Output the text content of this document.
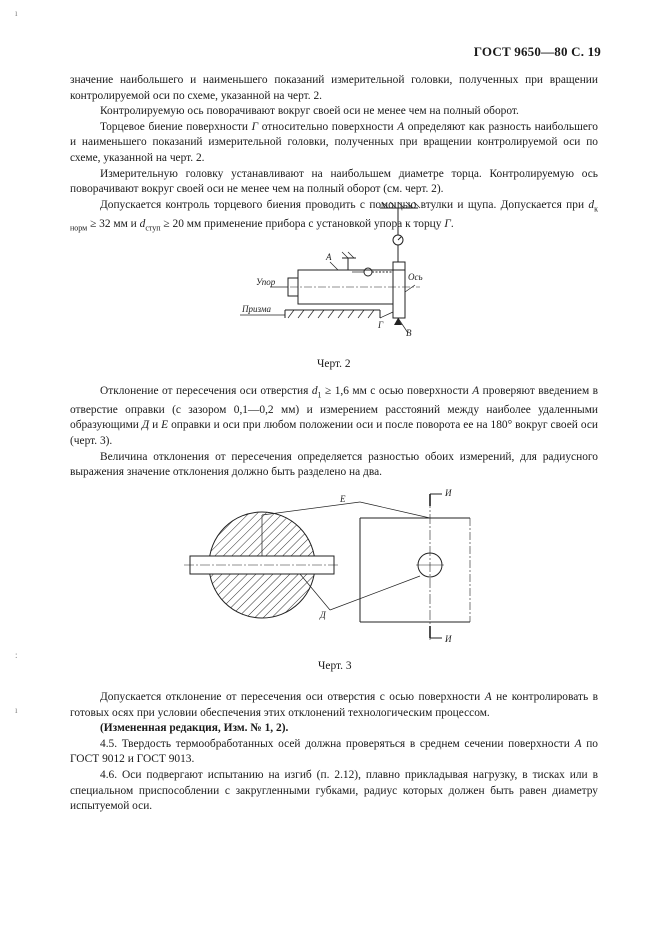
ı
:
ı
ГОСТ 9650—80 С. 19

значение наибольшего и наименьшего показаний измерительной головки, полученных при вращении контролируемой оси по схеме, указанной на черт. 2.

Контролируемую ось поворачивают вокруг своей оси не менее чем на полный оборот.

Торцевое биение поверхности Г относительно поверхности А определяют как разность наибольшего и наименьшего показаний измерительной головки, полученных при вращении контролируемой оси по схеме, указанной на черт. 2.

Измерительную головку устанавливают на наибольшем диаметре торца. Контролируемую ось поворачивают вокруг своей оси не менее чем на полный оборот (см. черт. 2).

Допускается контроль торцевого биения проводить с помощью втулки и щупа. Допускается при $d_{к норм} \ge 32$ мм и $d_{ступ} \ge 20$ мм применение прибора с установкой упора к торцу Г.

А
Упор
Призма
Ось
Г
В
Черт. 2

Отклонение от пересечения оси отверстия $d_1 \ge 1,6$ мм с осью поверхности А проверяют введением в отверстие оправки (с зазором 0,1—0,2 мм) и измерением расстояний между наиболее удаленными образующими Д и Е оправки и оси при любом положении оси и после поворота ее на 180° вокруг своей оси (черт. 3).

Величина отклонения от пересечения определяется разностью обоих измерений, для радиусного выражения значение отклонения должно быть разделено на два.

Е
Д
И
И
Черт. 3

Допускается отклонение от пересечения оси отверстия с осью поверхности А не контролировать в готовых осях при условии обеспечения этих отклонений технологическим процессом.

(Измененная редакция, Изм. № 1, 2).

4.5. Твердость термообработанных осей должна проверяться в среднем сечении поверхности А по ГОСТ 9012 и ГОСТ 9013.

4.6. Оси подвергают испытанию на изгиб (п. 2.12), плавно прикладывая нагрузку, в тисках или в специальном приспособлении с закругленными губками, радиус которых должен быть равен диаметру испытуемой оси.
